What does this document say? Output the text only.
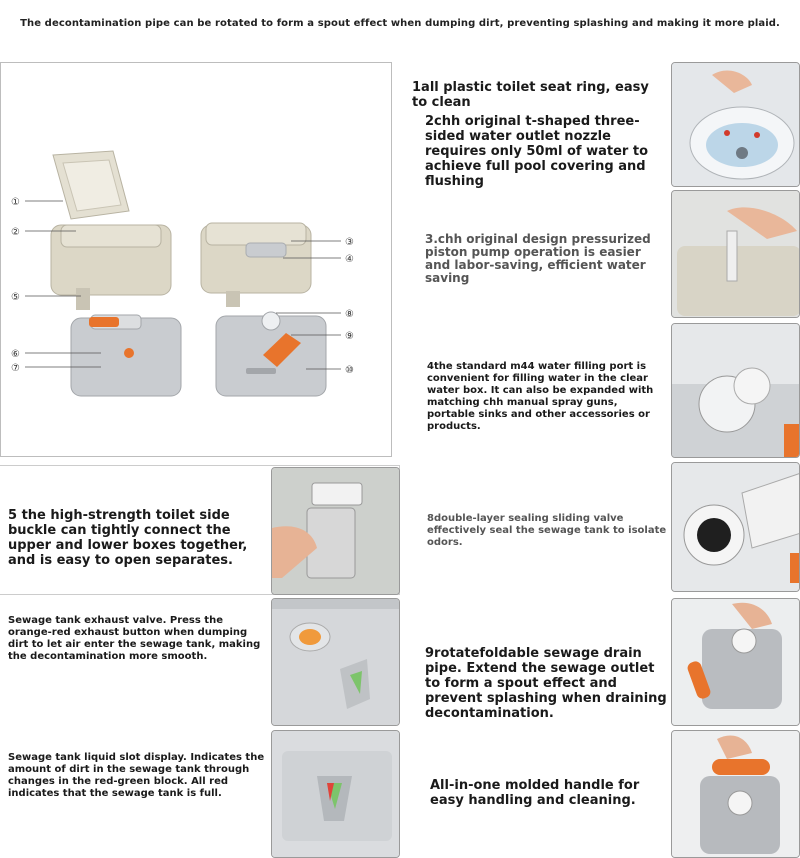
The decontamination pipe can be rotated to form a spout effect when dumping dirt, preventing splashing and making it more plaid.
①
②
③
④
⑤
⑥
⑦
⑧
⑨
⑩
1all plastic toilet seat ring, easy to clean
2chh original t-shaped three-sided water outlet nozzle requires only 50ml of water to achieve full pool covering and flushing
3.chh original design pressurized piston pump operation is easier and labor-saving, efficient water saving
4the standard m44 water filling port is convenient for filling water in the clear water box. It can also be expanded with matching chh manual spray guns, portable sinks and other accessories or products.
5 the high-strength toilet side buckle can tightly connect the upper and lower boxes together, and is easy to open separates.
Sewage tank exhaust valve. Press the orange-red exhaust button when dumping dirt to let air enter the sewage tank, making the decontamination more smooth.
Sewage tank liquid slot display. Indicates the amount of dirt in the sewage tank through changes in the red-green block. All red indicates that the sewage tank is full.
8double-layer sealing sliding valve effectively seal the sewage tank to isolate odors.
9rotatefoldable sewage drain pipe. Extend the sewage outlet to form a spout effect and prevent splashing when draining decontamination.
All-in-one molded handle for easy handling and cleaning.
